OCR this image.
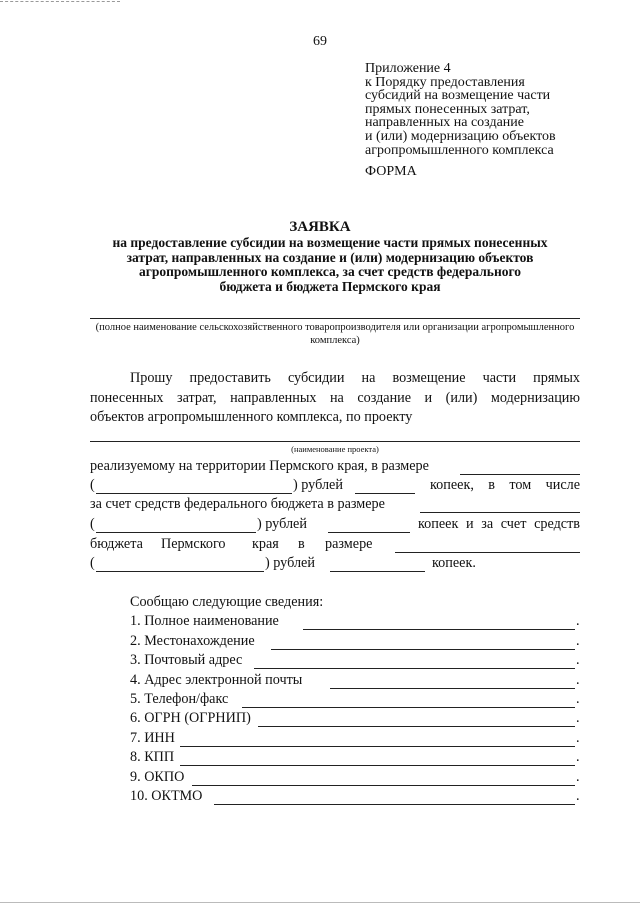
69
Приложение 4
к Порядку предоставления
субсидий на возмещение части
прямых понесенных затрат,
направленных на создание
и (или) модернизацию объектов
агропромышленного комплекса
ФОРМА
ЗАЯВКА
на предоставление субсидии на возмещение части прямых понесенных
затрат, направленных на создание и (или) модернизацию объектов
агропромышленного комплекса, за счет средств федерального
бюджета и бюджета Пермского края
(полное наименование сельскохозяйственного товаропроизводителя или организации агропромышленного комплекса)
Прошу предоставить субсидии на возмещение части прямых
понесенных затрат, направленных на создание и (или) модернизацию
объектов агропромышленного комплекса, по проекту
(наименование проекта)
реализуемому на территории Пермского края, в размере
(	) рублей	копеек, в том числе
за счет средств федерального бюджета в размере
(	) рублей	копеек и за счет средств
бюджета Пермского края в размере
(	) рублей	копеек.
Сообщаю следующие сведения:
1. Полное наименование	.
2. Местонахождение	.
3. Почтовый адрес	.
4. Адрес электронной почты	.
5. Телефон/факс	.
6. ОГРН (ОГРНИП)	.
7. ИНН	.
8. КПП	.
9. ОКПО	.
10. ОКТМО	.
